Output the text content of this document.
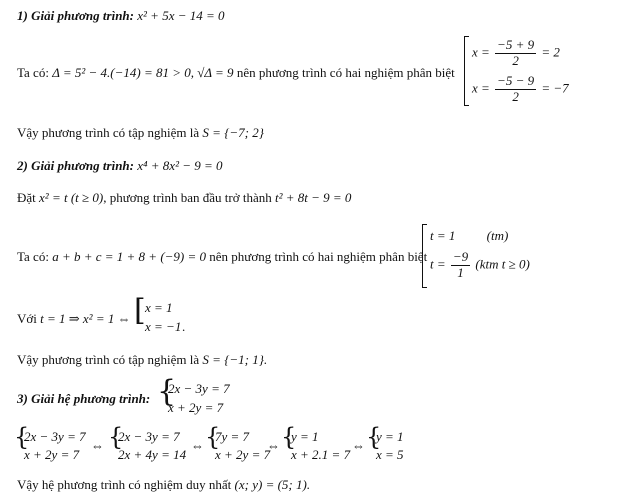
1) Giải phương trình: x² + 5x − 14 = 0
Ta có: Δ = 5² − 4.(−14) = 81 > 0, √Δ = 9 nên phương trình có hai nghiệm phân biệt
$x = \frac{-5 + 9}{2} = 2$
$x = \frac{-5 - 9}{2} = -7$
Vậy phương trình có tập nghiệm là S = {−7; 2}
2) Giải phương trình: x⁴ + 8x² − 9 = 0
Đặt x² = t (t ≥ 0), phương trình ban đầu trở thành t² + 8t − 9 = 0
Ta có: a + b + c = 1 + 8 + (−9) = 0 nên phương trình có hai nghiệm phân biệt
t = 1 (tm)
$t = \frac{-9}{1} (ktm$ t ≥ 0)
Với t = 1 ⇒ x² = 1 ⇔ [ x = 1
x = −1 .
Vậy phương trình có tập nghiệm là S = {−1; 1}.
3) Giải hệ phương trình: {
2x − 3y = 7
x + 2y = 7
{
2x − 3y = 7
x + 2y = 7
⇔ {
2x − 3y = 7
2x + 4y = 14
⇔ {
7y = 7
x + 2y = 7
⇔ {
y = 1
x + 2.1 = 7
⇔ {
y = 1
x = 5
Vậy hệ phương trình có nghiệm duy nhất (x; y) = (5; 1).
